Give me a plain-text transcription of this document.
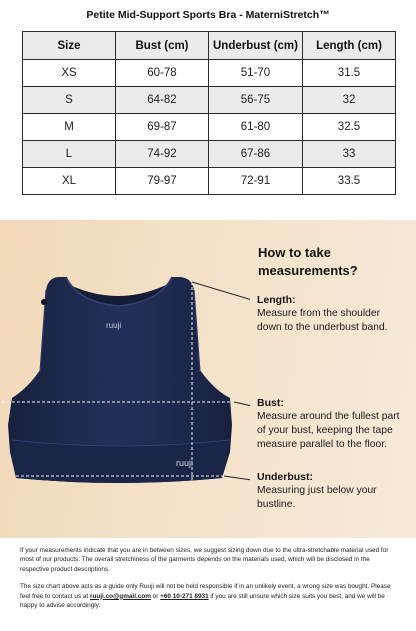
Petite Mid-Support Sports Bra - MaterniStretch™
Size	Bust (cm)	Underbust (cm)	Length (cm)
XS	60-78	51-70	31.5
S	64-82	56-75	32
M	69-87	61-80	32.5
L	74-92	67-86	33
XL	79-97	72-91	33.5
ruuji
ruuji
How to take
measurements?
Length:
Measure from the shoulder down to the underbust band.
Bust:
Measure around the fullest part of your bust, keeping the tape measure parallel to the floor.
Underbust:
Measuring just below your bustline.

If your measurements indicate that you are in between sizes, we suggest sizing down due to the ultra-stretchable material used for most of our products. The overall stretchiness of the garments depends on the materials used, which will be disclosed in the respective product descriptions.

The size chart above acts as a guide only Ruuji will not be held responsible if in an unlikely event, a wrong size was bought. Please feel free to contact us at ruuji.co@gmail.com or +60 10-271 8931 if you are still unsure which size suits you best, and we will be happy to advise accordingly.
